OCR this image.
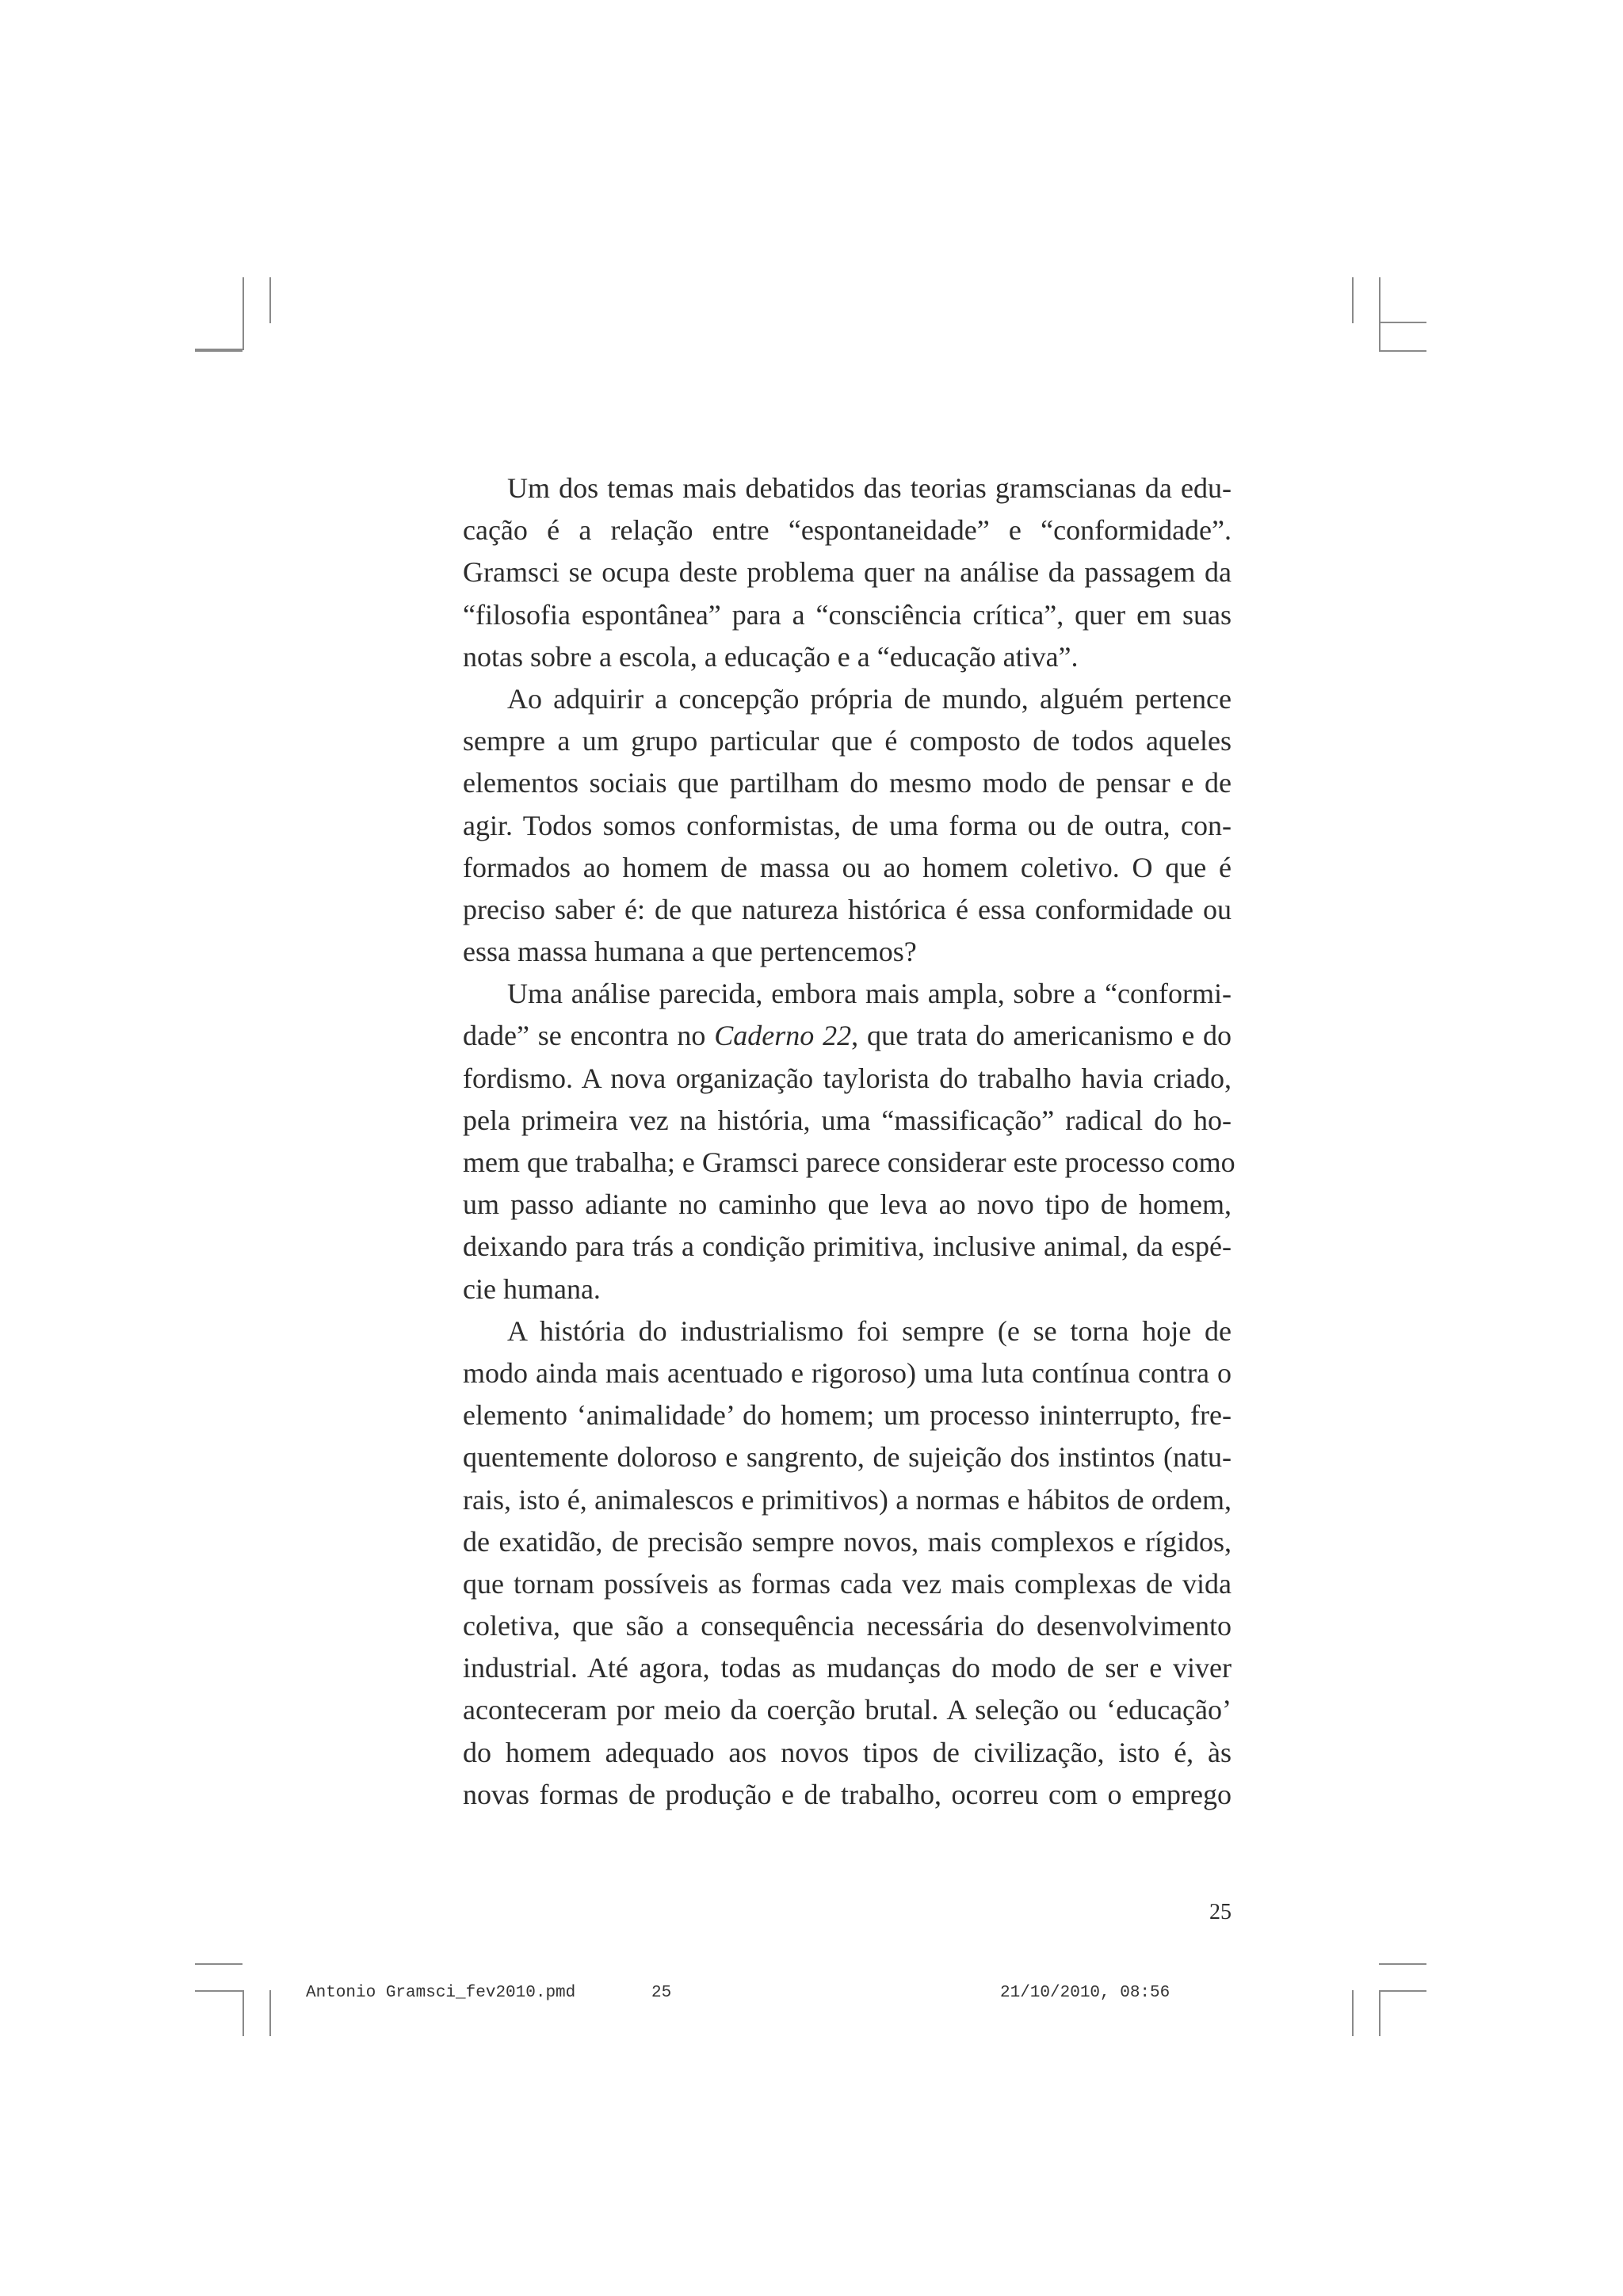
Um dos temas mais debatidos das teorias gramscianas da edu-
cação é a relação entre “espontaneidade” e “conformidade”.
Gramsci se ocupa deste problema quer na análise da passagem da
“filosofia espontânea” para a “consciência crítica”, quer em suas
notas sobre a escola, a educação e a “educação ativa”.
Ao adquirir a concepção própria de mundo, alguém pertence
sempre a um grupo particular que é composto de todos aqueles
elementos sociais que partilham do mesmo modo de pensar e de
agir. Todos somos conformistas, de uma forma ou de outra, con-
formados ao homem de massa ou ao homem coletivo. O que é
preciso saber é: de que natureza histórica é essa conformidade ou
essa massa humana a que pertencemos?
Uma análise parecida, embora mais ampla, sobre a “conformi-
dade” se encontra no Caderno 22, que trata do americanismo e do
fordismo. A nova organização taylorista do trabalho havia criado,
pela primeira vez na história, uma “massificação” radical do ho-
mem que trabalha; e Gramsci parece considerar este processo como
um passo adiante no caminho que leva ao novo tipo de homem,
deixando para trás a condição primitiva, inclusive animal, da espé-
cie humana.
A história do industrialismo foi sempre (e se torna hoje de
modo ainda mais acentuado e rigoroso) uma luta contínua contra o
elemento ‘animalidade’ do homem; um processo ininterrupto, fre-
quentemente doloroso e sangrento, de sujeição dos instintos (natu-
rais, isto é, animalescos e primitivos) a normas e hábitos de ordem,
de exatidão, de precisão sempre novos, mais complexos e rígidos,
que tornam possíveis as formas cada vez mais complexas de vida
coletiva, que são a consequência necessária do desenvolvimento
industrial. Até agora, todas as mudanças do modo de ser e viver
aconteceram por meio da coerção brutal. A seleção ou ‘educação’
do homem adequado aos novos tipos de civilização, isto é, às
novas formas de produção e de trabalho, ocorreu com o emprego
25
Antonio Gramsci_fev2010.pmd	25	21/10/2010, 08:56
